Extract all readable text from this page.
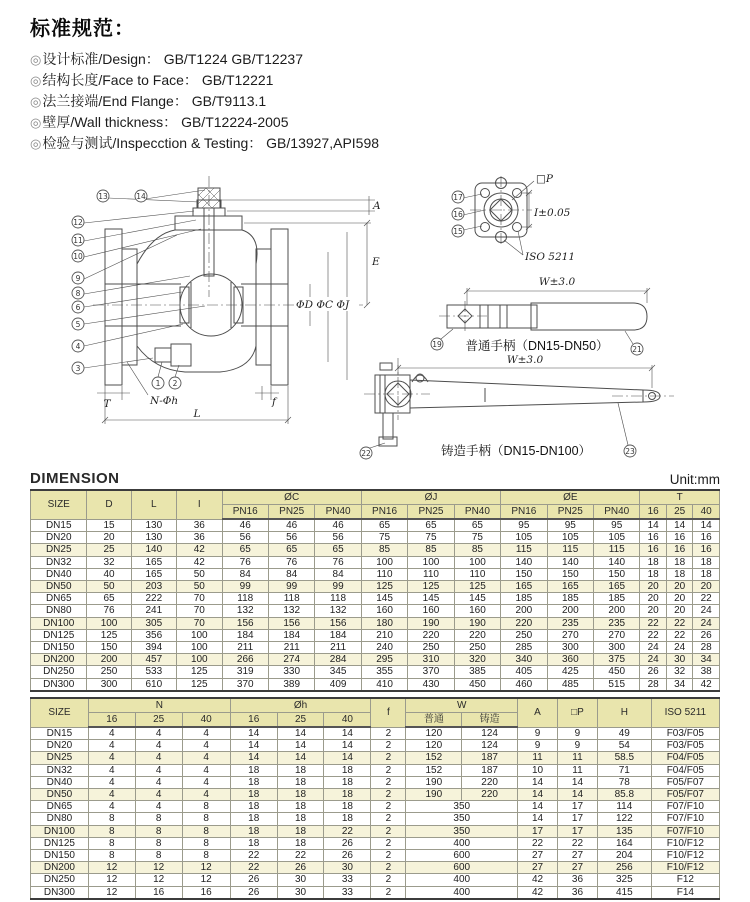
标准规范：
◎ 设计标准/Design： GB/T1224 GB/T12237
◎ 结构长度/Face to Face： GB/T12221
◎ 法兰接端/End Flange： GB/T9113.1
◎ 壁厚/Wall thickness： GB/T12224-2005
◎ 检验与测试/Inspecction & Testing： GB/13927,API598
T	f
N-Φh
L
A
E
ΦD ΦC ΦJ
13	14
12
11
10
9
8
6
5
4
3
1 2
17
16
15
□P
I±0.05
ISO 5211
W±3.0
19
21
普通手柄（DN15-DN50）
W±3.0
22	23
铸造手柄（DN15-DN100）
DIMENSION	Unit:mm
SIZE	D	L	I	ØC			ØJ			ØE			T		
				PN16	PN25	PN40	PN16	PN25	PN40	PN16	PN25	PN40	16	25	40
DN15	15	130	36	46	46	46	65	65	65	95	95	95	14	14	14
DN20	20	130	36	56	56	56	75	75	75	105	105	105	16	16	16
DN25	25	140	42	65	65	65	85	85	85	115	115	115	16	16	16
DN32	32	165	42	76	76	76	100	100	100	140	140	140	18	18	18
DN40	40	165	50	84	84	84	110	110	110	150	150	150	18	18	18
DN50	50	203	50	99	99	99	125	125	125	165	165	165	20	20	20
DN65	65	222	70	118	118	118	145	145	145	185	185	185	20	20	22
DN80	76	241	70	132	132	132	160	160	160	200	200	200	20	20	24
DN100	100	305	70	156	156	156	180	190	190	220	235	235	22	22	24
DN125	125	356	100	184	184	184	210	220	220	250	270	270	22	22	26
DN150	150	394	100	211	211	211	240	250	250	285	300	300	24	24	28
DN200	200	457	100	266	274	284	295	310	320	340	360	375	24	30	34
DN250	250	533	125	319	330	345	355	370	385	405	425	450	26	32	38
DN300	300	610	125	370	389	409	410	430	450	460	485	515	28	34	42
SIZE	N			Øh			f	W		A	□P	H	ISO 5211
	16	25	40	16	25	40		普通	铸造				
DN15	4	4	4	14	14	14	2	120	124	9	9	49	F03/F05
DN20	4	4	4	14	14	14	2	120	124	9	9	54	F03/F05
DN25	4	4	4	14	14	14	2	152	187	11	11	58.5	F04/F05
DN32	4	4	4	18	18	18	2	152	187	10	11	71	F04/F05
DN40	4	4	4	18	18	18	2	190	220	14	14	78	F05/F07
DN50	4	4	4	18	18	18	2	190	220	14	14	85.8	F05/F07
DN65	4	4	8	18	18	18	2	350		14	17	114	F07/F10
DN80	8	8	8	18	18	18	2	350		14	17	122	F07/F10
DN100	8	8	8	18	18	22	2	350		17	17	135	F07/F10
DN125	8	8	8	18	18	26	2	400		22	22	164	F10/F12
DN150	8	8	8	22	22	26	2	600		27	27	204	F10/F12
DN200	12	12	12	22	26	30	2	600		27	27	256	F10/F12
DN250	12	12	12	26	30	33	2	400		42	36	325	F12
DN300	12	16	16	26	30	33	2	400		42	36	415	F14
